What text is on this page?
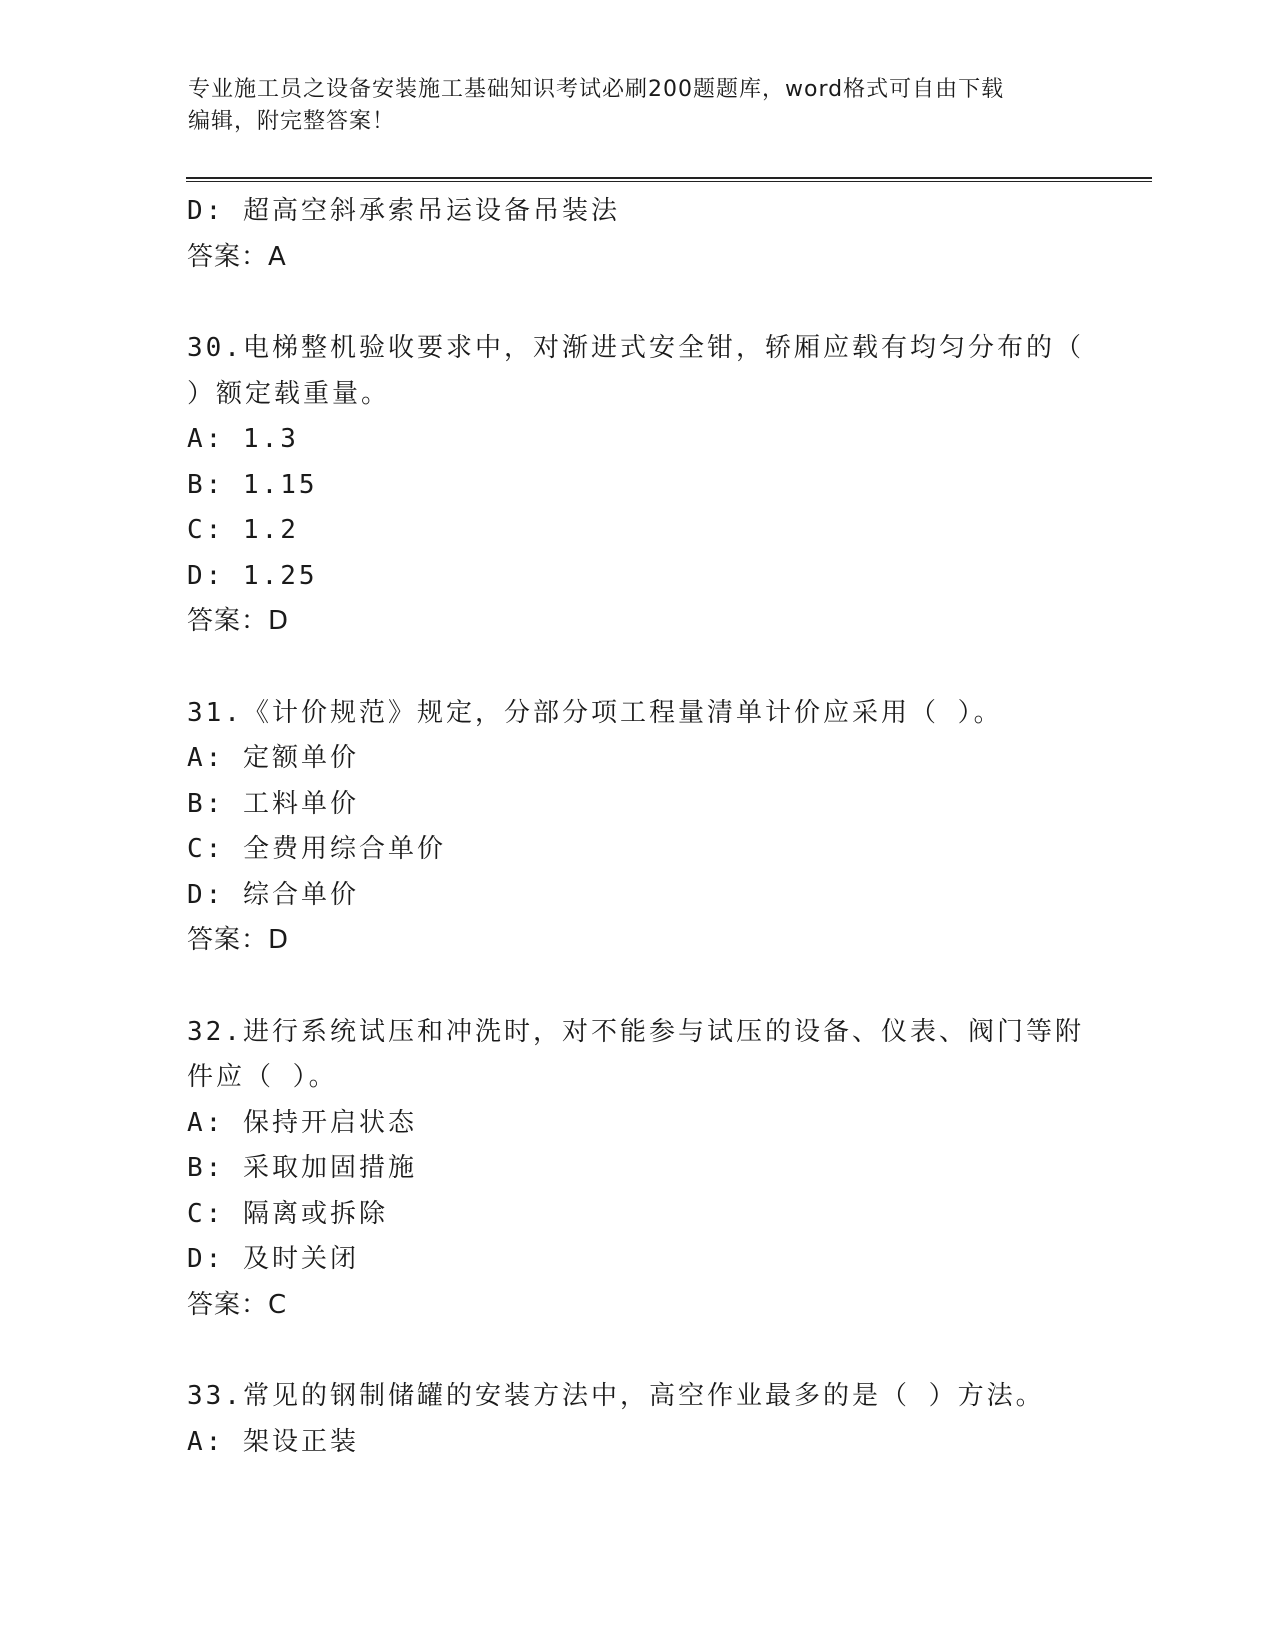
专业施工员之设备安装施工基础知识考试必刷200题题库，word格式可自由下载
编辑，附完整答案！
D: 超高空斜承索吊运设备吊装法
答案：A
30.电梯整机验收要求中，对渐进式安全钳，轿厢应载有均匀分布的（
）额定载重量。
A: 1.3
B: 1.15
C: 1.2
D: 1.25
答案：D
31.《计价规范》规定，分部分项工程量清单计价应采用（ ）。
A: 定额单价
B: 工料单价
C: 全费用综合单价
D: 综合单价
答案：D
32.进行系统试压和冲洗时，对不能参与试压的设备、仪表、阀门等附
件应（ ）。
A: 保持开启状态
B: 采取加固措施
C: 隔离或拆除
D: 及时关闭
答案：C
33.常见的钢制储罐的安装方法中，高空作业最多的是（ ）方法。
A: 架设正装
